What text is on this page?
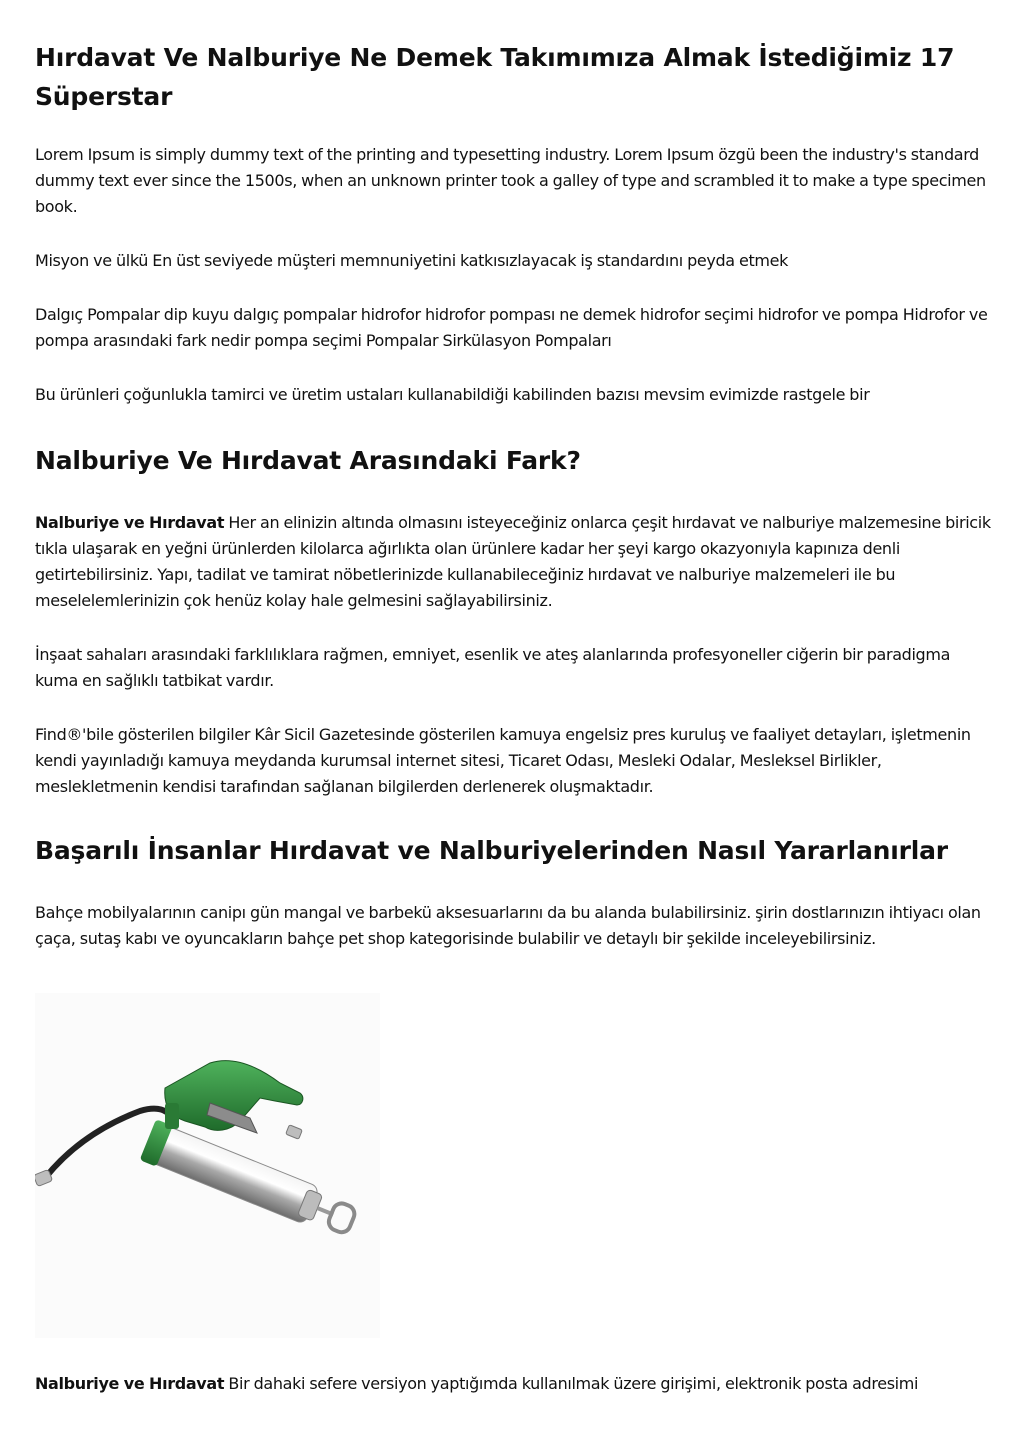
Hırdavat Ve Nalburiye Ne Demek Takımımıza Almak İstediğimiz 17 Süperstar

Lorem Ipsum is simply dummy text of the printing and typesetting industry. Lorem Ipsum özgü been the industry's standard dummy text ever since the 1500s, when an unknown printer took a galley of type and scrambled it to make a type specimen book.

Misyon ve ülkü En üst seviyede müşteri memnuniyetini katkısızlayacak iş standardını peyda etmek

Dalgıç Pompalar dip kuyu dalgıç pompalar hidrofor hidrofor pompası ne demek hidrofor seçimi hidrofor ve pompa Hidrofor ve pompa arasındaki fark nedir pompa seçimi Pompalar Sirkülasyon Pompaları

Bu ürünleri çoğunlukla tamirci ve üretim ustaları kullanabildiği kabilinden bazısı mevsim evimizde rastgele bir

Nalburiye Ve Hırdavat Arasındaki Fark?

Nalburiye ve Hırdavat Her an elinizin altında olmasını isteyeceğiniz onlarca çeşit hırdavat ve nalburiye malzemesine biricik tıkla ulaşarak en yeğni ürünlerden kilolarca ağırlıkta olan ürünlere kadar her şeyi kargo okazyonıyla kapınıza denli getirtebilirsiniz. Yapı, tadilat ve tamirat nöbetlerinizde kullanabileceğiniz hırdavat ve nalburiye malzemeleri ile bu meselelemlerinizin çok henüz kolay hale gelmesini sağlayabilirsiniz.

İnşaat sahaları arasındaki farklılıklara rağmen, emniyet, esenlik ve ateş alanlarında profesyoneller ciğerin bir paradigma kuma en sağlıklı tatbikat vardır.

Find®'bile gösterilen bilgiler Kâr Sicil Gazetesinde gösterilen kamuya engelsiz pres kuruluş ve faaliyet detayları, işletmenin kendi yayınladığı kamuya meydanda kurumsal internet sitesi, Ticaret Odası, Mesleki Odalar, Mesleksel Birlikler, meslekletmenin kendisi tarafından sağlanan bilgilerden derlenerek oluşmaktadır.

Başarılı İnsanlar Hırdavat ve Nalburiyelerinden Nasıl Yararlanırlar

Bahçe mobilyalarının canipı gün mangal ve barbekü aksesuarlarını da bu alanda bulabilirsiniz. şirin dostlarınızın ihtiyacı olan çaça, sutaş kabı ve oyuncakların bahçe pet shop kategorisinde bulabilir ve detaylı bir şekilde inceleyebilirsiniz.

Nalburiye ve Hırdavat Bir dahaki sefere versiyon yaptığımda kullanılmak üzere girişimi, elektronik posta adresimi
